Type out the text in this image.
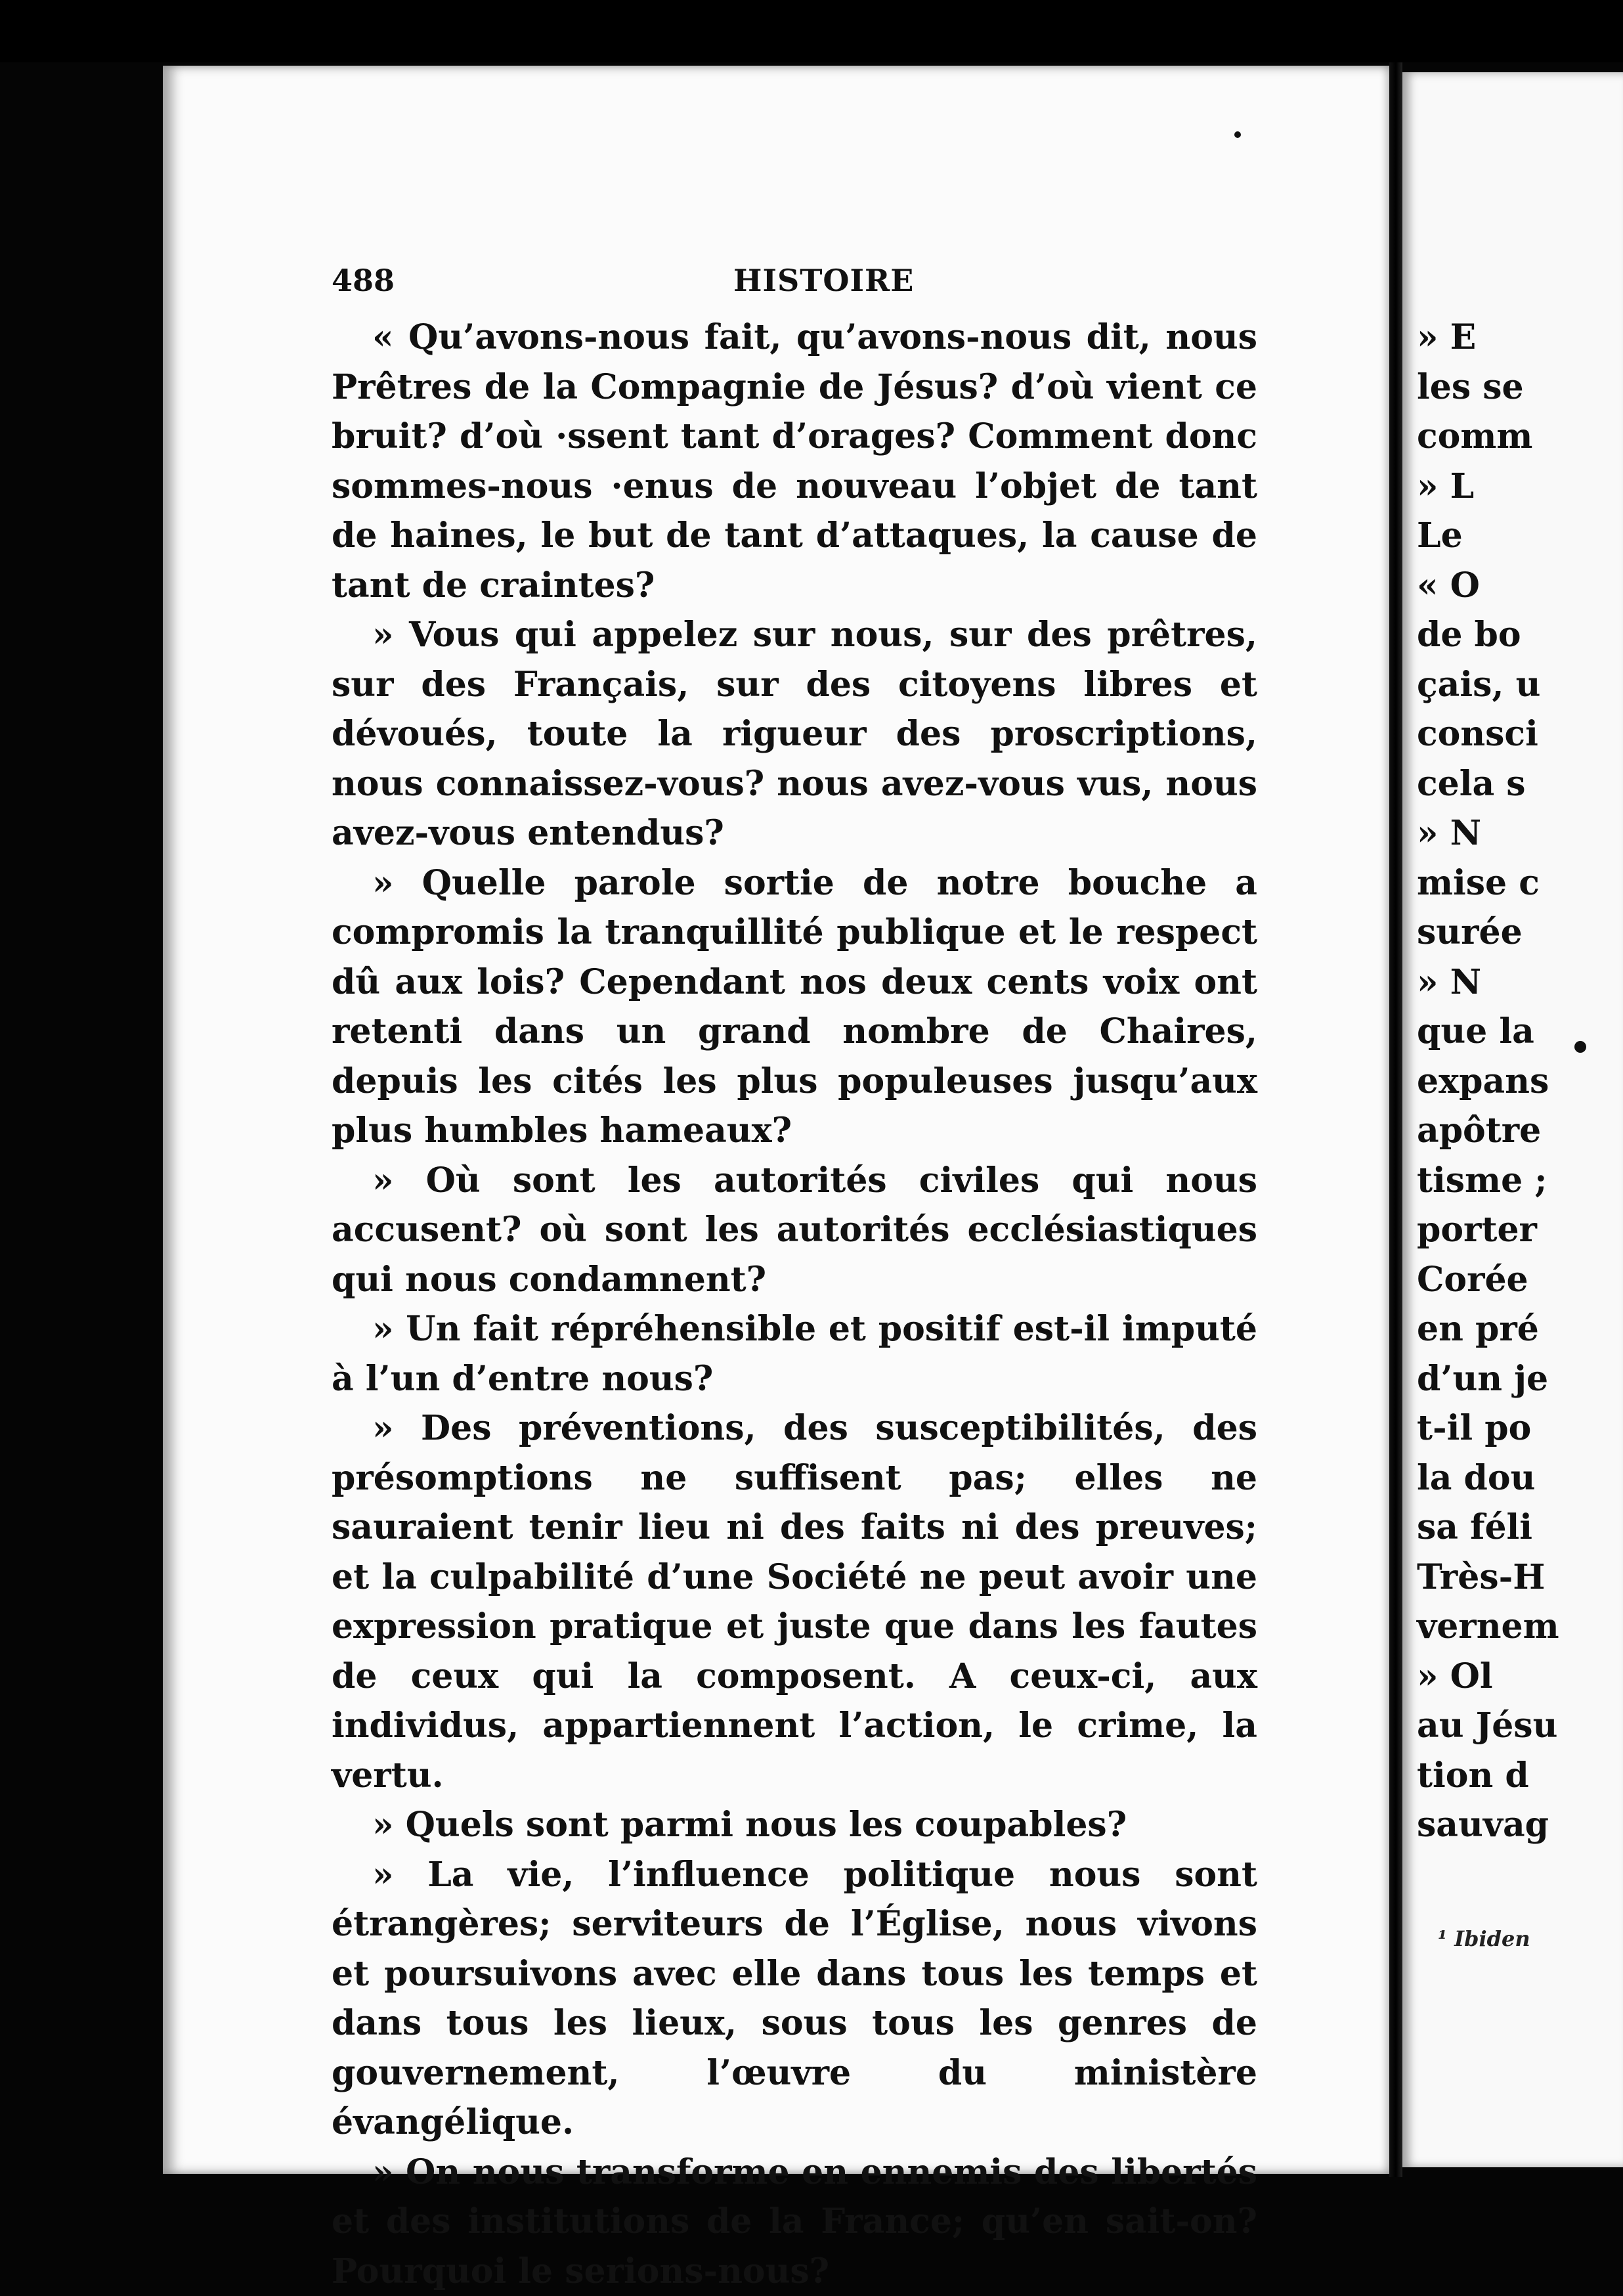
488	HISTOIRE

« Qu’avons-nous fait, qu’avons-nous dit, nous Prêtres de la Compagnie de Jésus? d’où vient ce bruit? d’où ·ssent tant d’orages? Comment donc sommes-nous ·enus de nouveau l’objet de tant de haines, le but de tant d’attaques, la cause de tant de craintes?

» Vous qui appelez sur nous, sur des prêtres, sur des Français, sur des citoyens libres et dévoués, toute la rigueur des proscriptions, nous connaissez-vous? nous avez-vous vus, nous avez-vous entendus?

» Quelle parole sortie de notre bouche a compromis la tranquillité publique et le respect dû aux lois? Cependant nos deux cents voix ont retenti dans un grand nombre de Chaires, depuis les cités les plus populeuses jusqu’aux plus humbles hameaux?

» Où sont les autorités civiles qui nous accusent? où sont les autorités ecclésiastiques qui nous condamnent?

» Un fait répréhensible et positif est-il imputé à l’un d’entre nous?

» Des préventions, des susceptibilités, des présomptions ne suffisent pas; elles ne sauraient tenir lieu ni des faits ni des preuves; et la culpabilité d’une Société ne peut avoir une expression pratique et juste que dans les fautes de ceux qui la composent. A ceux-ci, aux individus, appartiennent l’action, le crime, la vertu.

» Quels sont parmi nous les coupables?

» La vie, l’influence politique nous sont étrangères; serviteurs de l’Église, nous vivons et poursuivons avec elle dans tous les temps et dans tous les lieux, sous tous les genres de gouvernement, l’œuvre du ministère évangélique.

» On nous transforme en ennemis des libertés et des institutions de la France; qu’en sait-on? Pourquoi le serions-nous?

» E
les se
comm
» L
Le
« O
de bo
çais, u
consci
cela s
» N
mise c
surée
» N
que la
expans
apôtre
tisme ;
porter
Corée
en pré
d’un je
t-il po
la dou
sa féli
Très-H
vernem
» Ol
au Jésu
tion d
sauvag
¹ Ibiden
